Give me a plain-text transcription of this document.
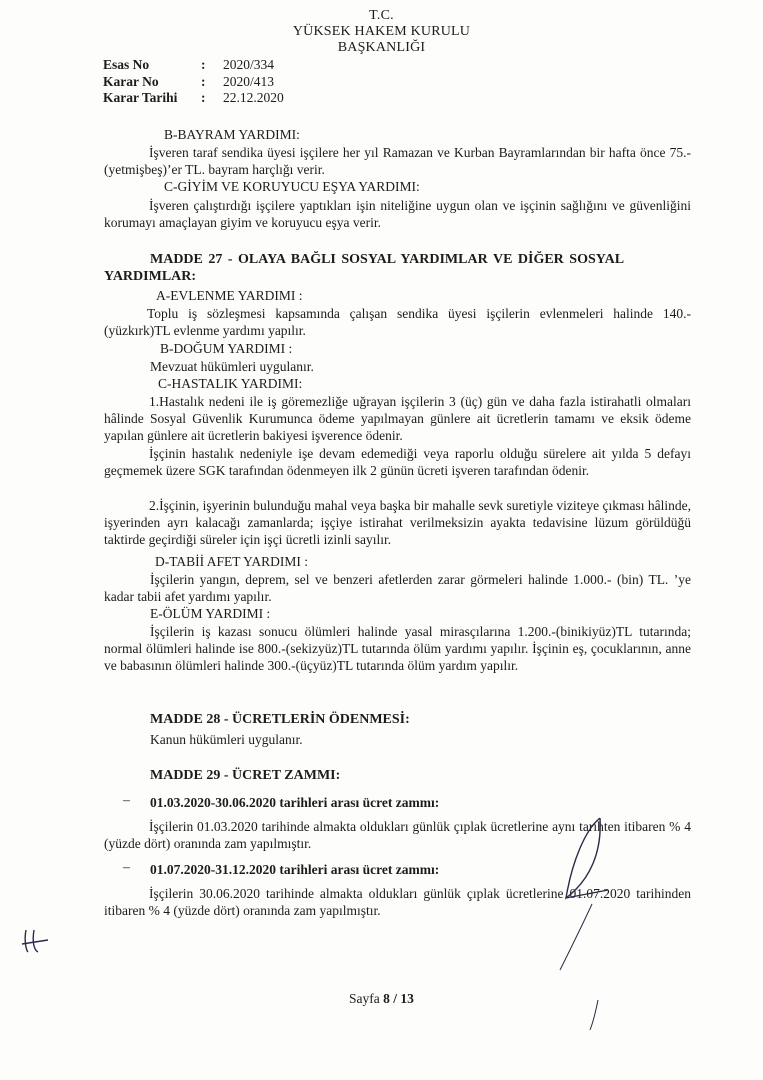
T.C.
YÜKSEK HAKEM KURULU
BAŞKANLIĞI
Esas No	:	2020/334
Karar No	:	2020/413
Karar Tarihi	:	22.12.2020
B-BAYRAM YARDIMI:
İşveren taraf sendika üyesi işçilere her yıl Ramazan ve Kurban Bayramlarından bir hafta önce 75.-(yetmişbeş)’er TL. bayram harçlığı verir.
C-GİYİM VE KORUYUCU EŞYA YARDIMI:
İşveren çalıştırdığı işçilere yaptıkları işin niteliğine uygun olan ve işçinin sağlığını ve güvenliğini korumayı amaçlayan giyim ve koruyucu eşya verir.
MADDE 27 - OLAYA BAĞLI SOSYAL YARDIMLAR VE DİĞER SOSYAL
YARDIMLAR:
A-EVLENME YARDIMI :
Toplu iş sözleşmesi kapsamında çalışan sendika üyesi işçilerin evlenmeleri halinde 140.-(yüzkırk)TL evlenme yardımı yapılır.
B-DOĞUM YARDIMI :
Mevzuat hükümleri uygulanır.
C-HASTALIK YARDIMI:
1.Hastalık nedeni ile iş göremezliğe uğrayan işçilerin 3 (üç) gün ve daha fazla istirahatli olmaları hâlinde Sosyal Güvenlik Kurumunca ödeme yapılmayan günlere ait ücretlerin tamamı ve eksik ödeme yapılan günlere ait ücretlerin bakiyesi işverence ödenir.
İşçinin hastalık nedeniyle işe devam edemediği veya raporlu olduğu sürelere ait yıldа 5 defayı geçmemek üzere SGK tarafından ödenmeyen ilk 2 günün ücreti işveren tarafından ödenir.
2.İşçinin, işyerinin bulunduğu mahal veya başka bir mahalle sevk suretiyle viziteye çıkması hâlinde, işyerinden ayrı kalacağı zamanlarda; işçiye istirahat verilmeksizin ayakta tedavisine lüzum görüldüğü taktirde geçirdiği süreler için işçi ücretli izinli sayılır.
D-TABİİ AFET YARDIMI :
İşçilerin yangın, deprem, sel ve benzeri afetlerden zarar görmeleri halinde 1.000.- (bin) TL. ’ye kadar tabii afet yardımı yapılır.
E-ÖLÜM YARDIMI :
İşçilerin iş kazası sonucu ölümleri halinde yasal mirasçılarına 1.200.-(binikiyüz)TL tutarında; normal ölümleri halinde ise 800.-(sekizyüz)TL tutarında ölüm yardımı yapılır. İşçinin eş, çocuklarının, anne ve babasının ölümleri halinde 300.-(üçyüz)TL tutarında ölüm yardım yapılır.
MADDE 28 - ÜCRETLERİN ÖDENMESİ:
Kanun hükümleri uygulanır.
MADDE 29 - ÜCRET ZAMMI:
– 01.03.2020-30.06.2020 tarihleri arası ücret zammı:
İşçilerin 01.03.2020 tarihinde almakta oldukları günlük çıplak ücretlerine aynı tarihten itibaren % 4 (yüzde dört) oranında zam yapılmıştır.
– 01.07.2020-31.12.2020 tarihleri arası ücret zammı:
İşçilerin 30.06.2020 tarihinde almakta oldukları günlük çıplak ücretlerine 01.07.2020 tarihinden itibaren % 4 (yüzde dört) oranında zam yapılmıştır.
Sayfa 8 / 13
